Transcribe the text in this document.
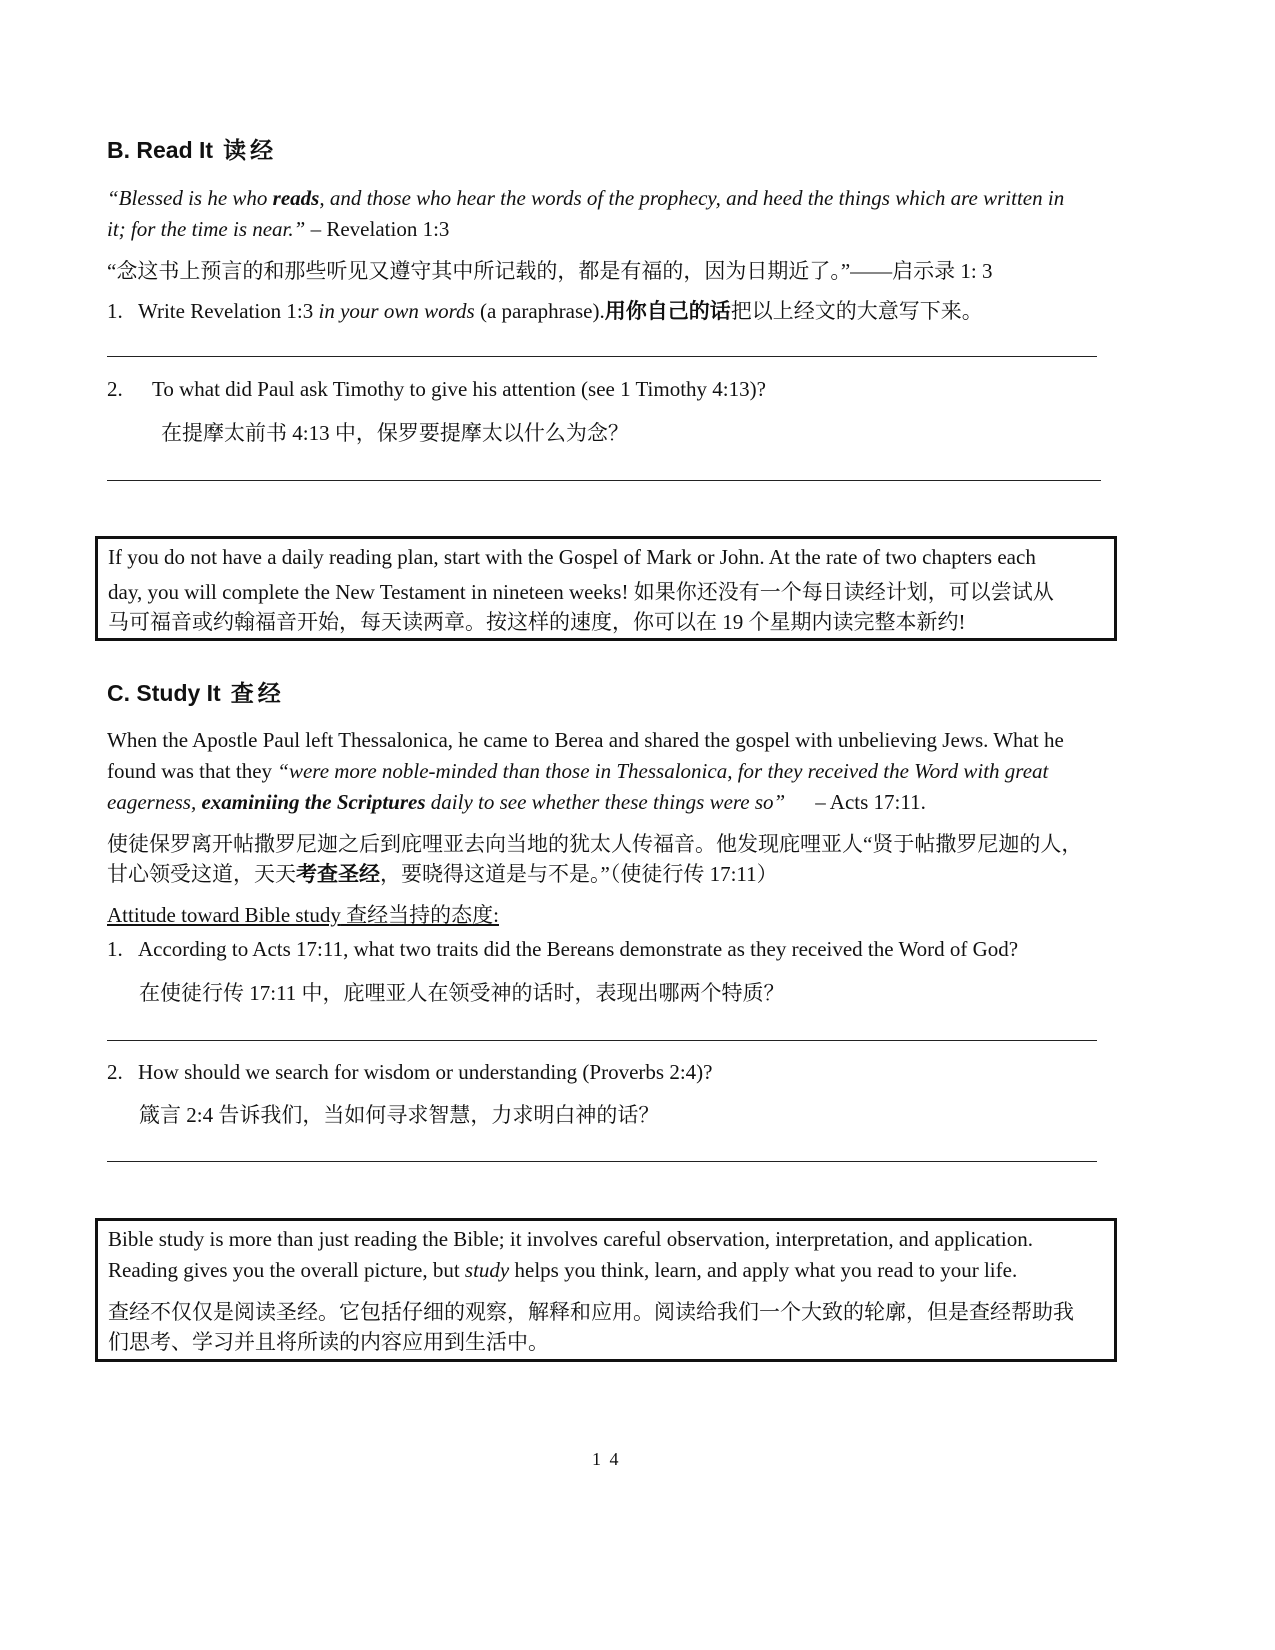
B. Read It 读经
“Blessed is he who reads, and those who hear the words of the prophecy, and heed the things which are written in
it; for the time is near.” – Revelation 1:3
“念这书上预言的和那些听见又遵守其中所记载的，都是有福的，因为日期近了。”——启示录 1: 3
1. Write Revelation 1:3 in your own words (a paraphrase).用你自己的话把以上经文的大意写下来。
2. To what did Paul ask Timothy to give his attention (see 1 Timothy 4:13)?
在提摩太前书 4:13 中，保罗要提摩太以什么为念？
If you do not have a daily reading plan, start with the Gospel of Mark or John. At the rate of two chapters each
day, you will complete the New Testament in nineteen weeks! 如果你还没有一个每日读经计划，可以尝试从
马可福音或约翰福音开始，每天读两章。按这样的速度，你可以在 19 个星期内读完整本新约!
C. Study It 查经
When the Apostle Paul left Thessalonica, he came to Berea and shared the gospel with unbelieving Jews. What he
found was that they “were more noble-minded than those in Thessalonica, for they received the Word with great
eagerness, examiniing the Scriptures daily to see whether these things were so” – Acts 17:11.
使徒保罗离开帖撒罗尼迦之后到庇哩亚去向当地的犹太人传福音。他发现庇哩亚人“贤于帖撒罗尼迦的人，
甘心领受这道，天天考查圣经，要晓得这道是与不是。”（使徒行传 17:11）
Attitude toward Bible study 查经当持的态度:
1. According to Acts 17:11, what two traits did the Bereans demonstrate as they received the Word of God?
在使徒行传 17:11 中，庇哩亚人在领受神的话时，表现出哪两个特质？
2. How should we search for wisdom or understanding (Proverbs 2:4)?
箴言 2:4 告诉我们，当如何寻求智慧，力求明白神的话？
Bible study is more than just reading the Bible; it involves careful observation, interpretation, and application.
Reading gives you the overall picture, but study helps you think, learn, and apply what you read to your life.
查经不仅仅是阅读圣经。它包括仔细的观察，解释和应用。阅读给我们一个大致的轮廓，但是查经帮助我
们思考、学习并且将所读的内容应用到生活中。
1 4
